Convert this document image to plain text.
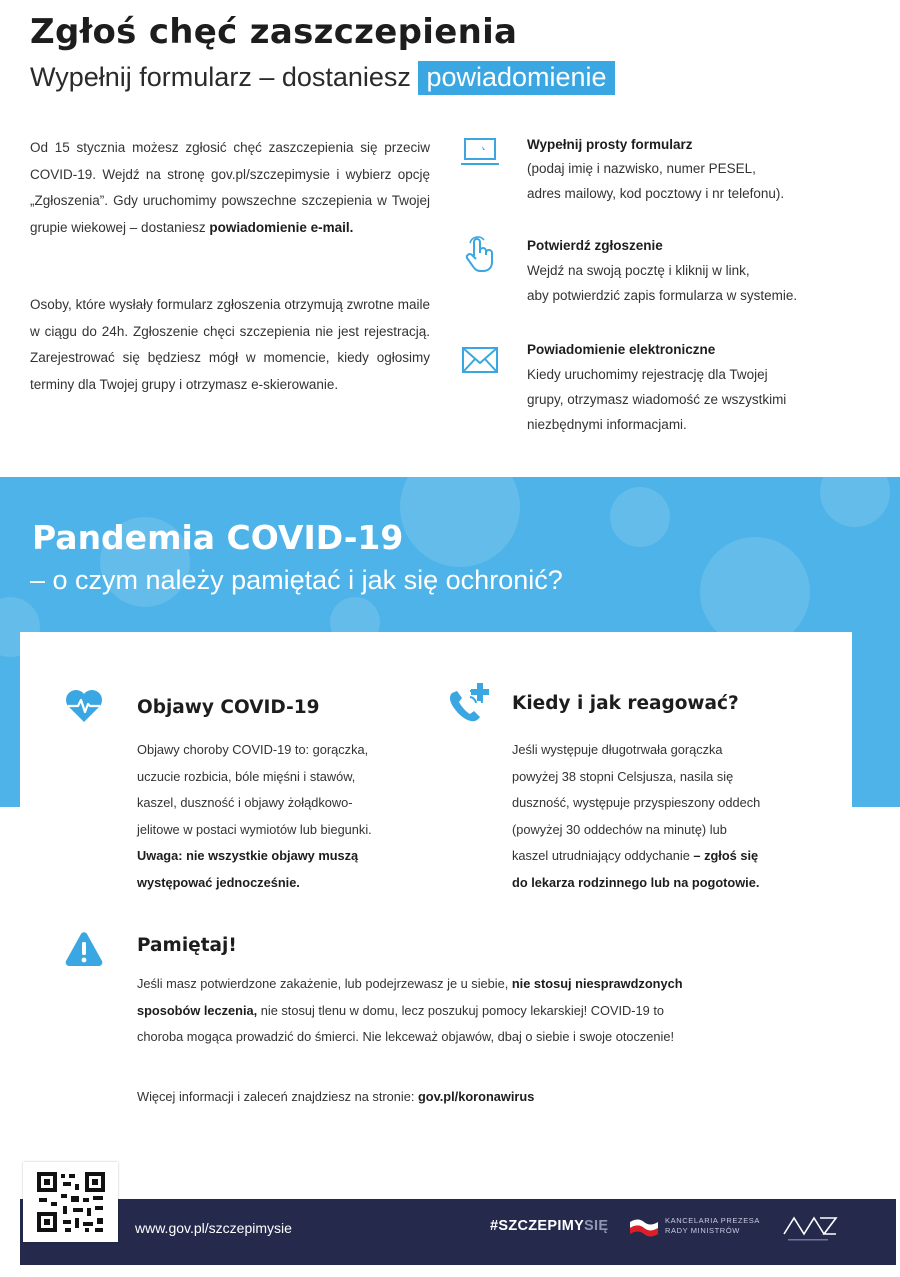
Zgłoś chęć zaszczepienia
Wypełnij formularz – dostaniesz powiadomienie
Od 15 stycznia możesz zgłosić chęć zaszczepienia się przeciw COVID-19. Wejdź na stronę gov.pl/szczepimysie i wybierz opcję „Zgłoszenia”. Gdy uruchomimy powszechne szczepienia w Twojej grupie wiekowej – dostaniesz powiadomienie e-mail.
Osoby, które wysłały formularz zgłoszenia otrzymują zwrotne maile w ciągu do 24h. Zgłoszenie chęci szczepienia nie jest rejestracją. Zarejestrować się będziesz mógł w momencie, kiedy ogłosimy terminy dla Twojej grupy i otrzymasz e-skierowanie.
Wypełnij prosty formularz
(podaj imię i nazwisko, numer PESEL,
adres mailowy, kod pocztowy i nr telefonu).
Potwierdź zgłoszenie
Wejdź na swoją pocztę i kliknij w link,
aby potwierdzić zapis formularza w systemie.
Powiadomienie elektroniczne
Kiedy uruchomimy rejestrację dla Twojej
grupy, otrzymasz wiadomość ze wszystkimi
niezbędnymi informacjami.
Pandemia COVID-19
– o czym należy pamiętać i jak się ochronić?
Objawy COVID-19
Objawy choroby COVID-19 to: gorączka,
uczucie rozbicia, bóle mięśni i stawów,
kaszel, duszność i objawy żołądkowo-
jelitowe w postaci wymiotów lub biegunki.
Uwaga: nie wszystkie objawy muszą
występować jednocześnie.
Kiedy i jak reagować?
Jeśli występuje długotrwała gorączka
powyżej 38 stopni Celsjusza, nasila się
duszność, występuje przyspieszony oddech
(powyżej 30 oddechów na minutę) lub
kaszel utrudniający oddychanie – zgłoś się
do lekarza rodzinnego lub na pogotowie.
Pamiętaj!
Jeśli masz potwierdzone zakażenie, lub podejrzewasz je u siebie, nie stosuj niesprawdzonych
sposobów leczenia, nie stosuj tlenu w domu, lecz poszukuj pomocy lekarskiej! COVID-19 to
choroba mogąca prowadzić do śmierci. Nie lekceważ objawów, dbaj o siebie i swoje otoczenie!
Więcej informacji i zaleceń znajdziesz na stronie: gov.pl/koronawirus
www.gov.pl/szczepimysie	#SZCZEPIMYSIĘ	KANCELARIA PREZESA
RADY MINISTRÓW
